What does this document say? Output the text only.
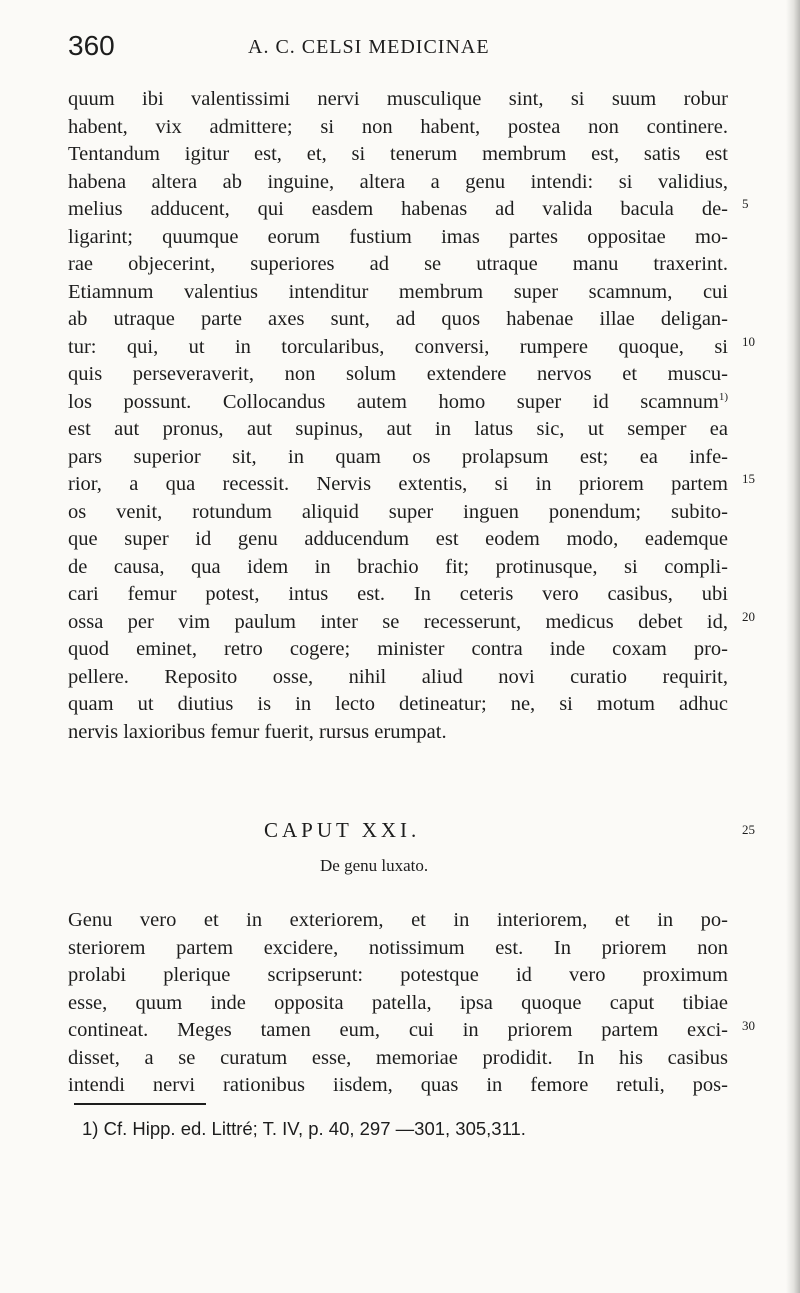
360	A. C. CELSI MEDICINAE
quum ibi valentissimi nervi musculique sint, si suum robur
habent, vix admittere; si non habent, postea non continere.
Tentandum igitur est, et, si tenerum membrum est, satis est
habena altera ab inguine, altera a genu intendi: si validius,
melius adducent, qui easdem habenas ad valida bacula de-
ligarint; quumque eorum fustium imas partes oppositae mo-
rae objecerint, superiores ad se utraque manu traxerint.
Etiamnum valentius intenditur membrum super scamnum, cui
ab utraque parte axes sunt, ad quos habenae illae deligan-
tur: qui, ut in torcularibus, conversi, rumpere quoque, si
quis perseveraverit, non solum extendere nervos et muscu-
los possunt. Collocandus autem homo super id scamnum$^{1)}$
est aut pronus, aut supinus, aut in latus sic, ut semper ea
pars superior sit, in quam os prolapsum est; ea infe-
rior, a qua recessit. Nervis extentis, si in priorem partem
os venit, rotundum aliquid super inguen ponendum; subito-
que super id genu adducendum est eodem modo, eademque
de causa, qua idem in brachio fit; protinusque, si compli-
cari femur potest, intus est. In ceteris vero casibus, ubi
ossa per vim paulum inter se recesserunt, medicus debet id,
quod eminet, retro cogere; minister contra inde coxam pro-
pellere. Reposito osse, nihil aliud novi curatio requirit,
quam ut diutius is in lecto detineatur; ne, si motum adhuc
nervis laxioribus femur fuerit, rursus erumpat.
5
10
15
20
25
30
CAPUT XXI.
De genu luxato.
Genu vero et in exteriorem, et in interiorem, et in po-
steriorem partem excidere, notissimum est. In priorem non
prolabi plerique scripserunt: potestque id vero proximum
esse, quum inde opposita patella, ipsa quoque caput tibiae
contineat. Meges tamen eum, cui in priorem partem exci-
disset, a se curatum esse, memoriae prodidit. In his casibus
intendi nervi rationibus iisdem, quas in femore retuli, pos-
1) Cf. Hipp. ed. Littré; T. IV, p. 40, 297 —301, 305,311.
